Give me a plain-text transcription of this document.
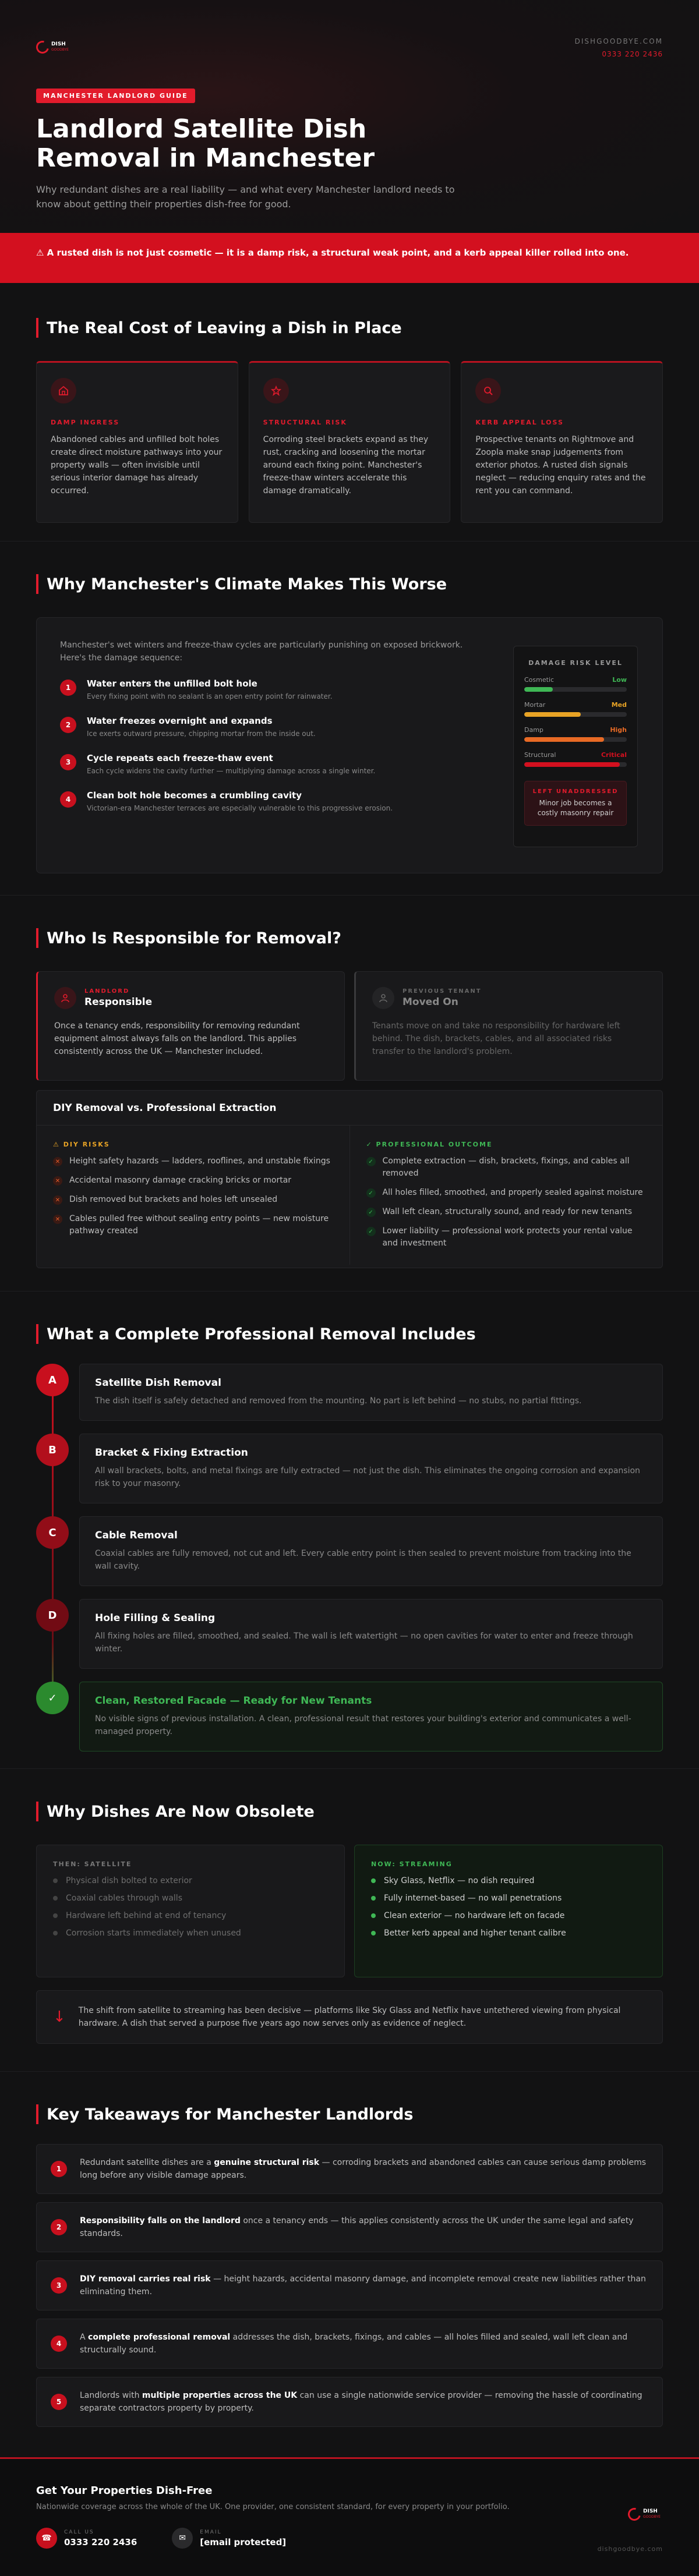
DISH
GOODBYE
DISHGOODBYE.COM
0333 220 2436
MANCHESTER LANDLORD GUIDE
Landlord Satellite Dish Removal in Manchester

Why redundant dishes are a real liability — and what every Manchester landlord needs to know about getting their properties dish-free for good.

⚠ A rusted dish is not just cosmetic — it is a damp risk, a structural weak point, and a kerb appeal killer rolled into one.
The Real Cost of Leaving a Dish in Place
DAMP INGRESS
Abandoned cables and unfilled bolt holes create direct moisture pathways into your property walls — often invisible until serious interior damage has already occurred.
STRUCTURAL RISK
Corroding steel brackets expand as they rust, cracking and loosening the mortar around each fixing point. Manchester's freeze-thaw winters accelerate this damage dramatically.
KERB APPEAL LOSS
Prospective tenants on Rightmove and Zoopla make snap judgements from exterior photos. A rusted dish signals neglect — reducing enquiry rates and the rent you can command.
Why Manchester's Climate Makes This Worse

Manchester's wet winters and freeze-thaw cycles are particularly punishing on exposed brickwork. Here's the damage sequence:

1	Water enters the unfilled bolt hole
Every fixing point with no sealant is an open entry point for rainwater.
2	Water freezes overnight and expands
Ice exerts outward pressure, chipping mortar from the inside out.
3	Cycle repeats each freeze-thaw event
Each cycle widens the cavity further — multiplying damage across a single winter.
4	Clean bolt hole becomes a crumbling cavity
Victorian-era Manchester terraces are especially vulnerable to this progressive erosion.
DAMAGE RISK LEVEL
Cosmetic	Low
Mortar	Med
Damp	High
Structural	Critical
LEFT UNADDRESSED
Minor job becomes a costly masonry repair
Who Is Responsible for Removal?
LANDLORD
Responsible
Once a tenancy ends, responsibility for removing redundant equipment almost always falls on the landlord. This applies consistently across the UK — Manchester included.
PREVIOUS TENANT
Moved On
Tenants move on and take no responsibility for hardware left behind. The dish, brackets, cables, and all associated risks transfer to the landlord's problem.
DIY Removal vs. Professional Extraction
⚠ DIY RISKS
✕ Height safety hazards — ladders, rooflines, and unstable fixings
✕ Accidental masonry damage cracking bricks or mortar
✕ Dish removed but brackets and holes left unsealed
✕ Cables pulled free without sealing entry points — new moisture pathway created
✓ PROFESSIONAL OUTCOME
✓ Complete extraction — dish, brackets, fixings, and cables all removed
✓ All holes filled, smoothed, and properly sealed against moisture
✓ Wall left clean, structurally sound, and ready for new tenants
✓ Lower liability — professional work protects your rental value and investment
What a Complete Professional Removal Includes
A	Satellite Dish Removal
The dish itself is safely detached and removed from the mounting. No part is left behind — no stubs, no partial fittings.
B	Bracket & Fixing Extraction
All wall brackets, bolts, and metal fixings are fully extracted — not just the dish. This eliminates the ongoing corrosion and expansion risk to your masonry.
C	Cable Removal
Coaxial cables are fully removed, not cut and left. Every cable entry point is then sealed to prevent moisture from tracking into the wall cavity.
D	Hole Filling & Sealing
All fixing holes are filled, smoothed, and sealed. The wall is left watertight — no open cavities for water to enter and freeze through winter.
✓	Clean, Restored Facade — Ready for New Tenants
No visible signs of previous installation. A clean, professional result that restores your building's exterior and communicates a well-managed property.
Why Dishes Are Now Obsolete
THEN: SATELLITE
Physical dish bolted to exterior
Coaxial cables through walls
Hardware left behind at end of tenancy
Corrosion starts immediately when unused
NOW: STREAMING
Sky Glass, Netflix — no dish required
Fully internet-based — no wall penetrations
Clean exterior — no hardware left on facade
Better kerb appeal and higher tenant calibre
↓ The shift from satellite to streaming has been decisive — platforms like Sky Glass and Netflix have untethered viewing from physical hardware. A dish that served a purpose five years ago now serves only as evidence of neglect.
Key Takeaways for Manchester Landlords
1
Redundant satellite dishes are a genuine structural risk — corroding brackets and abandoned cables can cause serious damp problems long before any visible damage appears.
2
Responsibility falls on the landlord once a tenancy ends — this applies consistently across the UK under the same legal and safety standards.
3
DIY removal carries real risk — height hazards, accidental masonry damage, and incomplete removal create new liabilities rather than eliminating them.
4
A complete professional removal addresses the dish, brackets, fixings, and cables — all holes filled and sealed, wall left clean and structurally sound.
5
Landlords with multiple properties across the UK can use a single nationwide service provider — removing the hassle of coordinating separate contractors property by property.
Get Your Properties Dish-Free
Nationwide coverage across the whole of the UK. One provider, one consistent standard, for every property in your portfolio.
☎
CALL US
0333 220 2436	✉
EMAIL
[email protected]
DISH
GOODBYE
dishgoodbye.com
